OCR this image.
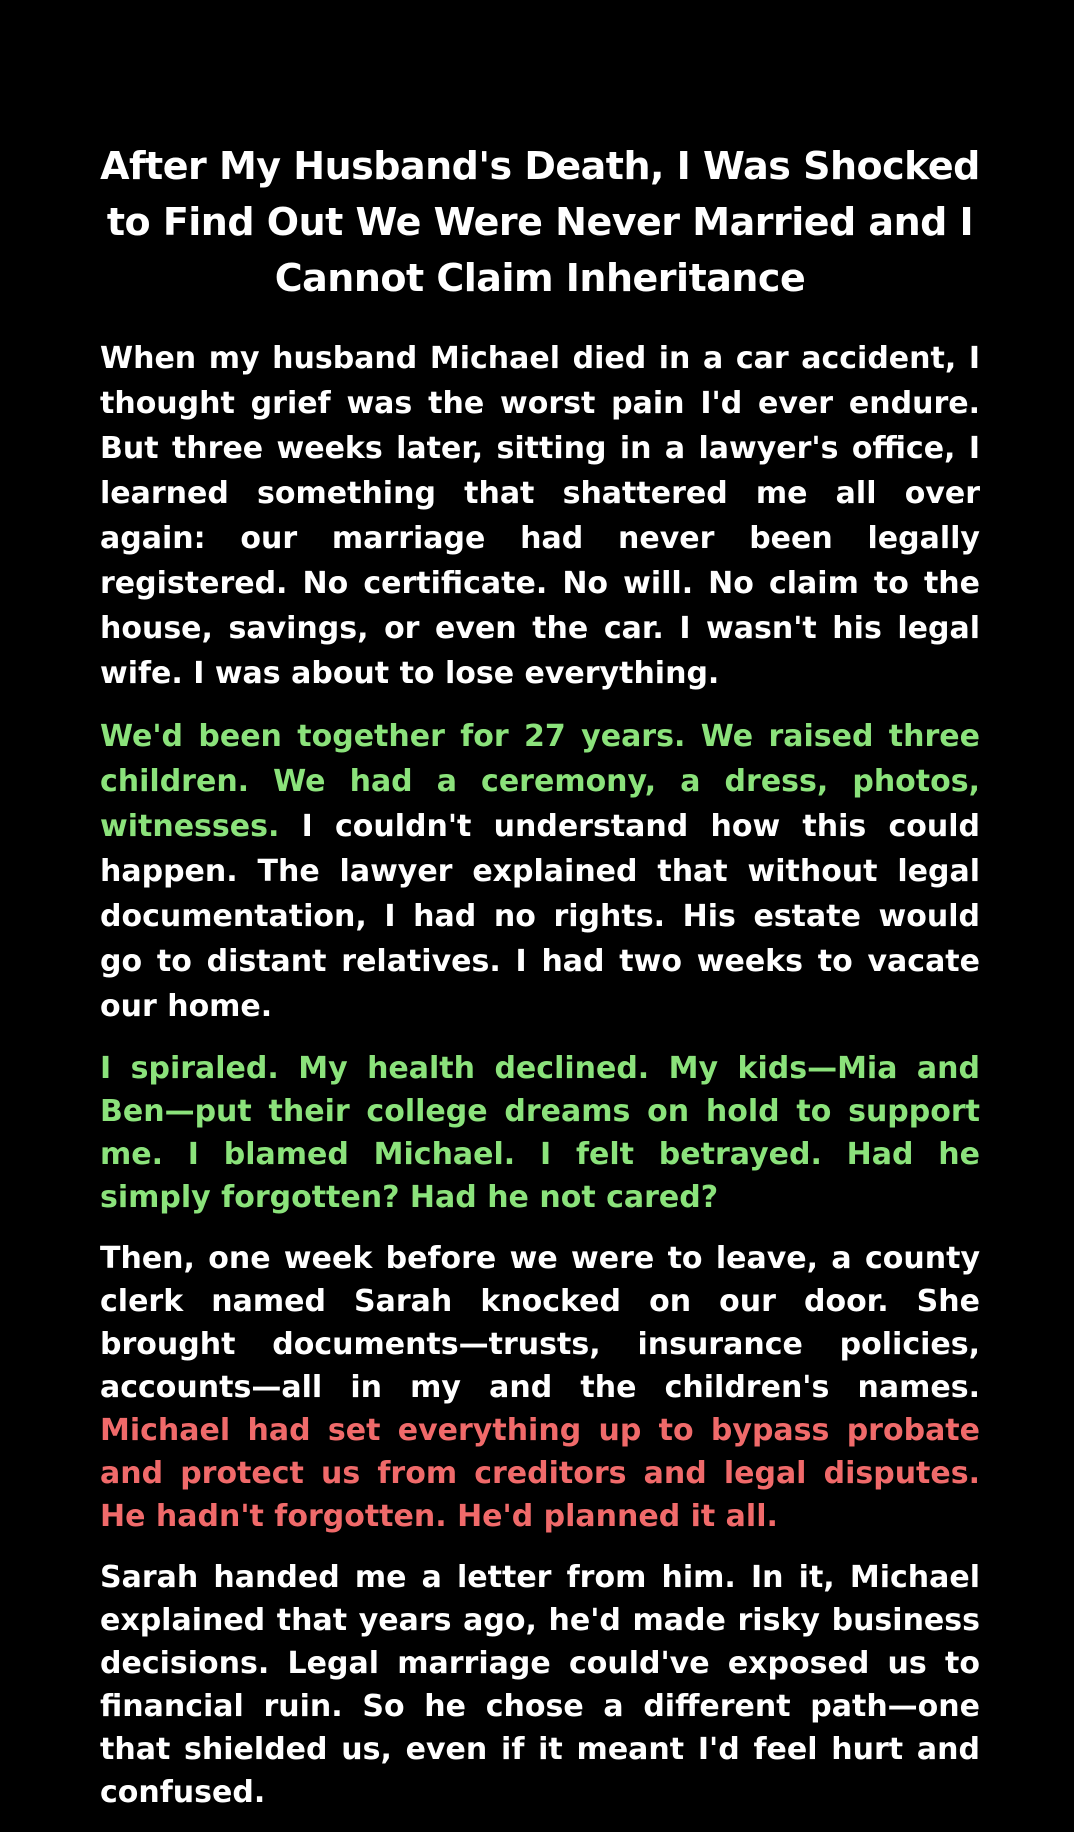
After My Husband's Death, I Was Shocked to Find Out We Were Never Married and I Cannot Claim Inheritance

When my husband Michael died in a car accident, I thought grief was the worst pain I'd ever endure. But three weeks later, sitting in a lawyer's office, I learned something that shattered me all over again: our marriage had never been legally registered. No certificate. No will. No claim to the house, savings, or even the car. I wasn't his legal wife. I was about to lose everything.

We'd been together for 27 years. We raised three children. We had a ceremony, a dress, photos, witnesses. I couldn't understand how this could happen. The lawyer explained that without legal documentation, I had no rights. His estate would go to distant relatives. I had two weeks to vacate our home.

I spiraled. My health declined. My kids—Mia and Ben—put their college dreams on hold to support me. I blamed Michael. I felt betrayed. Had he simply forgotten? Had he not cared?

Then, one week before we were to leave, a county clerk named Sarah knocked on our door. She brought documents—trusts, insurance policies, accounts—all in my and the children's names. Michael had set everything up to bypass probate and protect us from creditors and legal disputes. He hadn't forgotten. He'd planned it all.

Sarah handed me a letter from him. In it, Michael explained that years ago, he'd made risky business decisions. Legal marriage could've exposed us to financial ruin. So he chose a different path—one that shielded us, even if it meant I'd feel hurt and confused.
